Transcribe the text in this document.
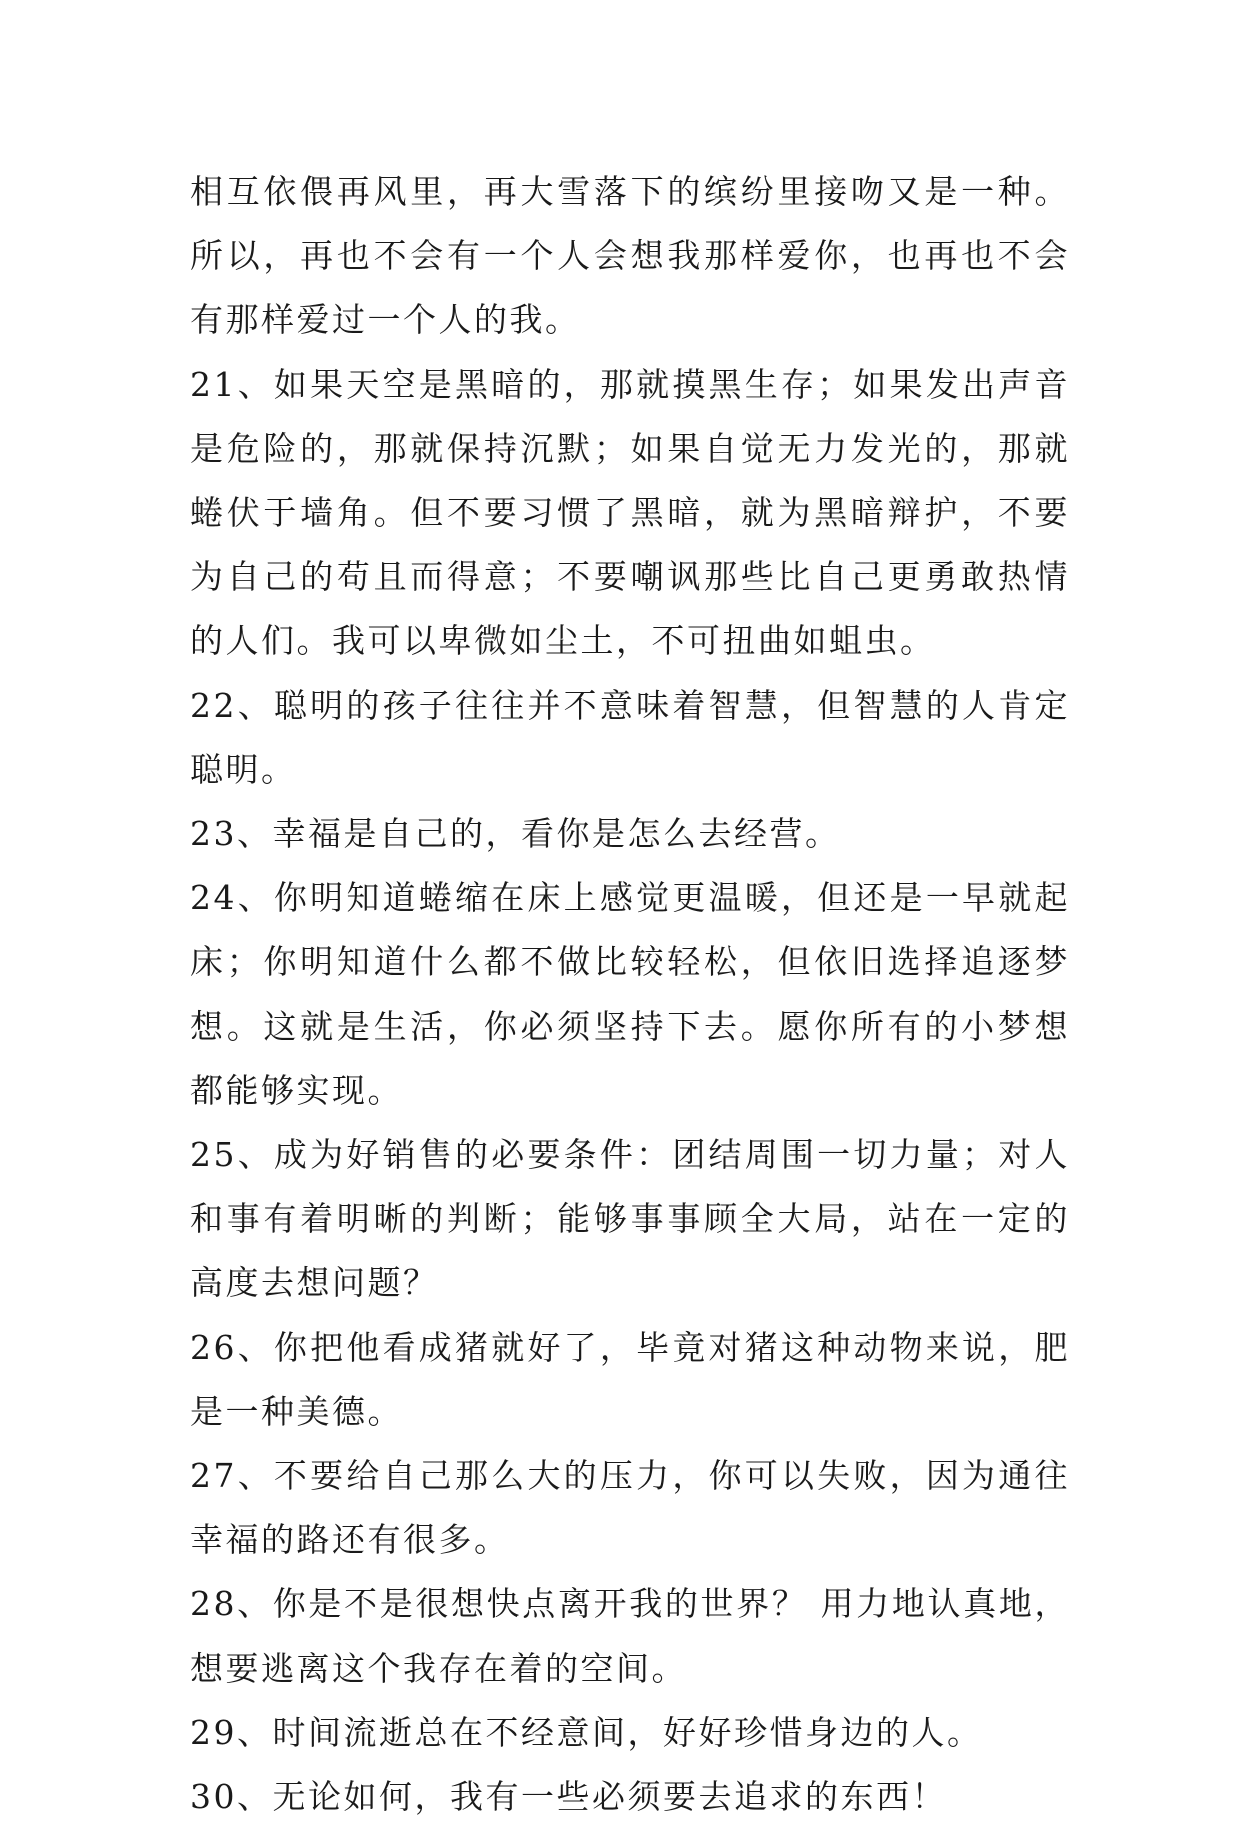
相互依偎再风里，再大雪落下的缤纷里接吻又是一种。所以，再也不会有一个人会想我那样爱你，也再也不会有那样爱过一个人的我。

21、如果天空是黑暗的，那就摸黑生存；如果发出声音是危险的，那就保持沉默；如果自觉无力发光的，那就蜷伏于墙角。但不要习惯了黑暗，就为黑暗辩护，不要为自己的苟且而得意；不要嘲讽那些比自己更勇敢热情的人们。我可以卑微如尘土，不可扭曲如蛆虫。

22、聪明的孩子往往并不意味着智慧，但智慧的人肯定聪明。

23、幸福是自己的，看你是怎么去经营。

24、你明知道蜷缩在床上感觉更温暖，但还是一早就起床；你明知道什么都不做比较轻松，但依旧选择追逐梦想。这就是生活，你必须坚持下去。愿你所有的小梦想都能够实现。

25、成为好销售的必要条件：团结周围一切力量；对人和事有着明晰的判断；能够事事顾全大局，站在一定的高度去想问题？

26、你把他看成猪就好了，毕竟对猪这种动物来说，肥是一种美德。

27、不要给自己那么大的压力，你可以失败，因为通往幸福的路还有很多。

28、你是不是很想快点离开我的世界？ 用力地认真地，想要逃离这个我存在着的空间。

29、时间流逝总在不经意间，好好珍惜身边的人。

30、无论如何，我有一些必须要去追求的东西！
